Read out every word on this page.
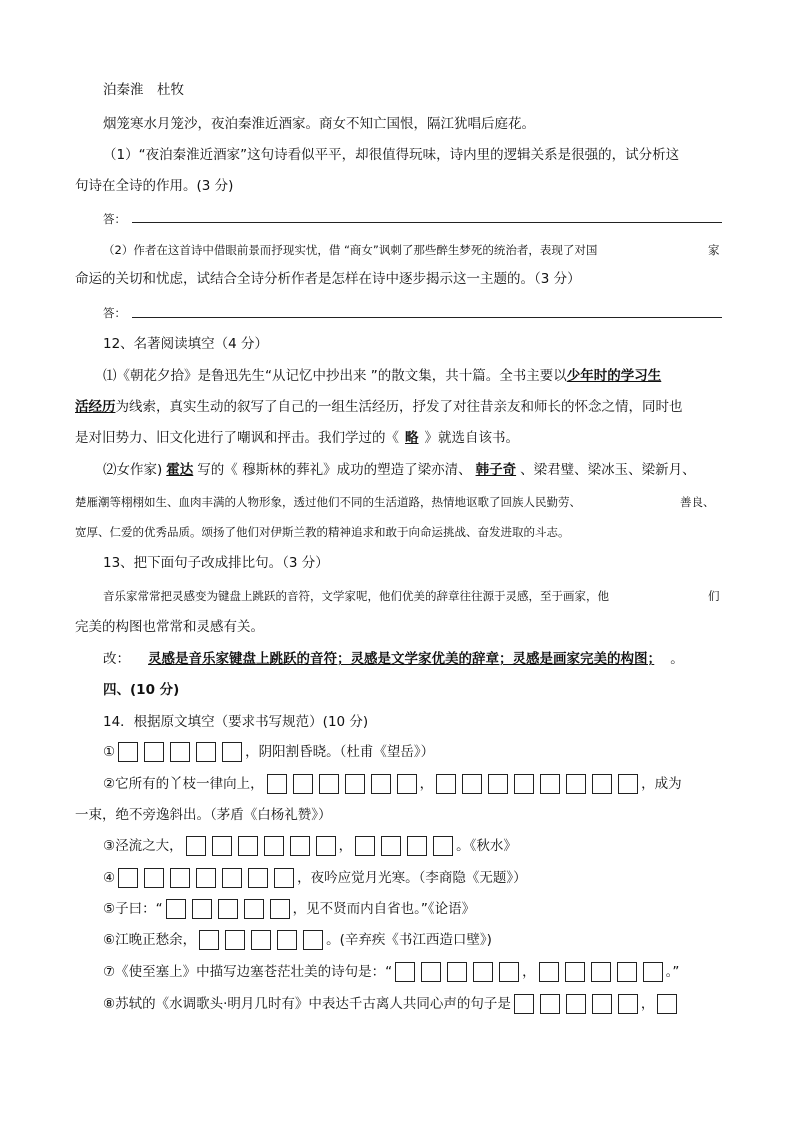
泊秦淮　杜牧
烟笼寒水月笼沙，夜泊秦淮近酒家。商女不知亡国恨，隔江犹唱后庭花。
（1）“夜泊秦淮近酒家”这句诗看似平平，却很值得玩味，诗内里的逻辑关系是很强的，试分析这
句诗在全诗的作用。(3 分)
答：
（2）作者在这首诗中借眼前景而抒现实忧，借 “商女”讽刺了那些醉生梦死的统治者，表现了对国	家
命运的关切和忧虑，试结合全诗分析作者是怎样在诗中逐步揭示这一主题的。（3 分）
答：
12、名著阅读填空（4 分）
⑴《朝花夕拾》是鲁迅先生“从记忆中抄出来 ”的散文集，共十篇。全书主要以少年时的学习生
活经历为线索，真实生动的叙写了自己的一组生活经历，抒发了对往昔亲友和师长的怀念之情，同时也
是对旧势力、旧文化进行了嘲讽和抨击。我们学过的《 略 》就选自该书。
⑵女作家) 霍达 写的《 穆斯林的葬礼》成功的塑造了梁亦清、 韩子奇 、梁君璧、梁冰玉、梁新月、
楚雁潮等栩栩如生、血肉丰满的人物形象，透过他们不同的生活道路，热情地讴歌了回族人民勤劳、	善良、
宽厚、仁爱的优秀品质。颂扬了他们对伊斯兰教的精神追求和敢于向命运挑战、奋发进取的斗志。
13、把下面句子改成排比句。（3 分）
音乐家常常把灵感变为键盘上跳跃的音符，文学家呢，他们优美的辞章往往源于灵感，至于画家，他	们
完美的构图也常常和灵感有关。
改： 灵感是音乐家键盘上跳跃的音符；灵感是文学家优美的辞章；灵感是画家完美的构图； 。
四、(10 分)
14．根据原文填空（要求书写规范）(10 分)
①	，阴阳割昏晓。（杜甫《望岳》）
②它所有的丫枝一律向上，	，	，成为
一束，绝不旁逸斜出。（茅盾《白杨礼赞》）
③泾流之大，	，	。《秋水》
④	，夜吟应觉月光寒。（李商隐《无题》）
⑤子曰：“	，见不贤而内自省也。”《论语》
⑥江晚正愁余，	。(辛弃疾《书江西造口壁》)
⑦《使至塞上》中描写边塞苍茫壮美的诗句是：“	，	。”
⑧苏轼的《水调歌头·明月几时有》中表达千古离人共同心声的句子是	，
